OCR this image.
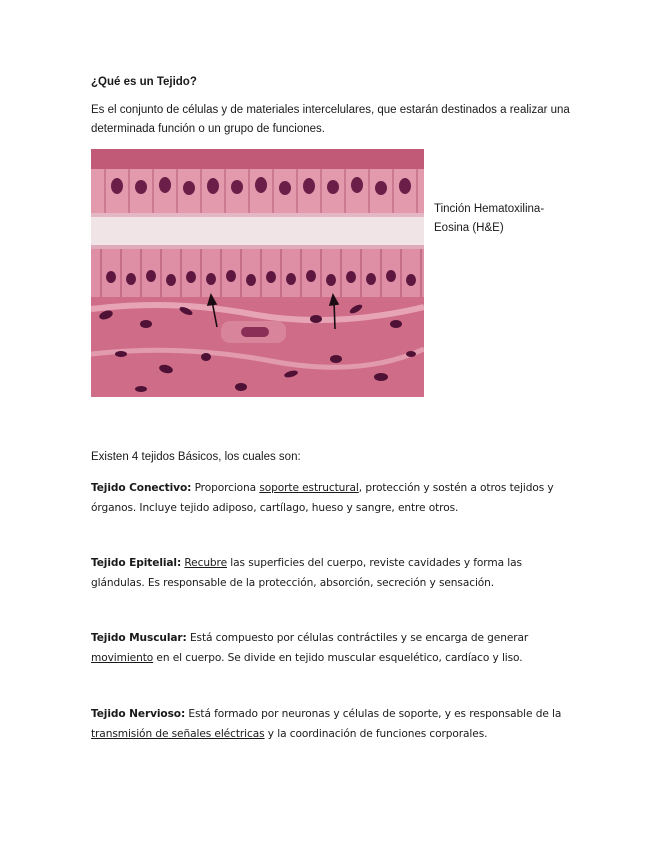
¿Qué es un Tejido?
Es el conjunto de células y de materiales intercelulares, que estarán destinados a realizar una determinada función o un grupo de funciones.
Tinción Hematoxilina-Eosina (H&E)
Existen 4 tejidos Básicos, los cuales son:
Tejido Conectivo: Proporciona soporte estructural, protección y sostén a otros tejidos y órganos. Incluye tejido adiposo, cartílago, hueso y sangre, entre otros.
Tejido Epitelial: Recubre las superficies del cuerpo, reviste cavidades y forma las glándulas. Es responsable de la protección, absorción, secreción y sensación.
Tejido Muscular: Está compuesto por células contráctiles y se encarga de generar movimiento en el cuerpo. Se divide en tejido muscular esquelético, cardíaco y liso.
Tejido Nervioso: Está formado por neuronas y células de soporte, y es responsable de la transmisión de señales eléctricas y la coordinación de funciones corporales.
